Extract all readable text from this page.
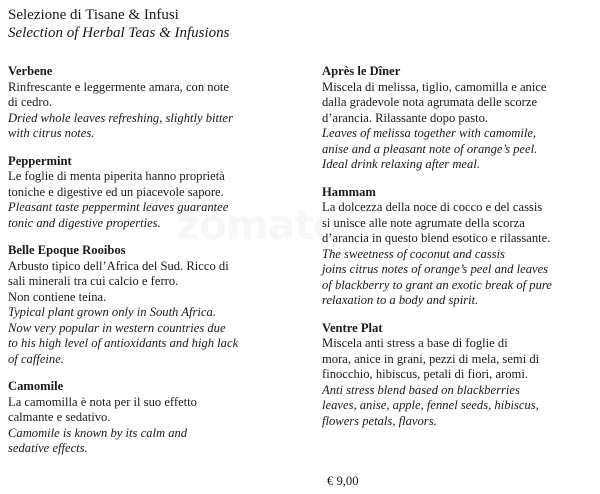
zomato
Selezione di Tisane & Infusi
Selection of Herbal Teas & Infusions
Verbene
Rinfrescante e leggermente amara, con note
di cedro.
Dried whole leaves refreshing, slightly bitter
with citrus notes.
Peppermint
Le foglie di menta piperita hanno proprietà
toniche e digestive ed un piacevole sapore.
Pleasant taste peppermint leaves guarantee
tonic and digestive properties.
Belle Epoque Rooibos
Arbusto tipico dell’Africa del Sud. Ricco di
sali minerali tra cui calcio e ferro.
Non contiene teina.
Typical plant grown only in South Africa.
Now very popular in western countries due
to his high level of antioxidants and high lack
of caffeine.
Camomile
La camomilla è nota per il suo effetto
calmante e sedativo.
Camomile is known by its calm and
sedative effects.
Après le Dîner
Miscela di melissa, tiglio, camomilla e anice
dalla gradevole nota agrumata delle scorze
d’arancia. Rilassante dopo pasto.
Leaves of melissa together with camomile,
anise and a pleasant note of orange’s peel.
Ideal drink relaxing after meal.
Hammam
La dolcezza della noce di cocco e del cassis
si unisce alle note agrumate della scorza
d’arancia in questo blend esotico e rilassante.
The sweetness of coconut and cassis
joins citrus notes of orange’s peel and leaves
of blackberry to grant an exotic break of pure
relaxation to a body and spirit.
Ventre Plat
Miscela anti stress a base di foglie di
mora, anice in grani, pezzi di mela, semi di
finocchio, hibiscus, petali di fiori, aromi.
Anti stress blend based on blackberries
leaves, anise, apple, fennel seeds, hibiscus,
flowers petals, flavors.
€ 9,00
